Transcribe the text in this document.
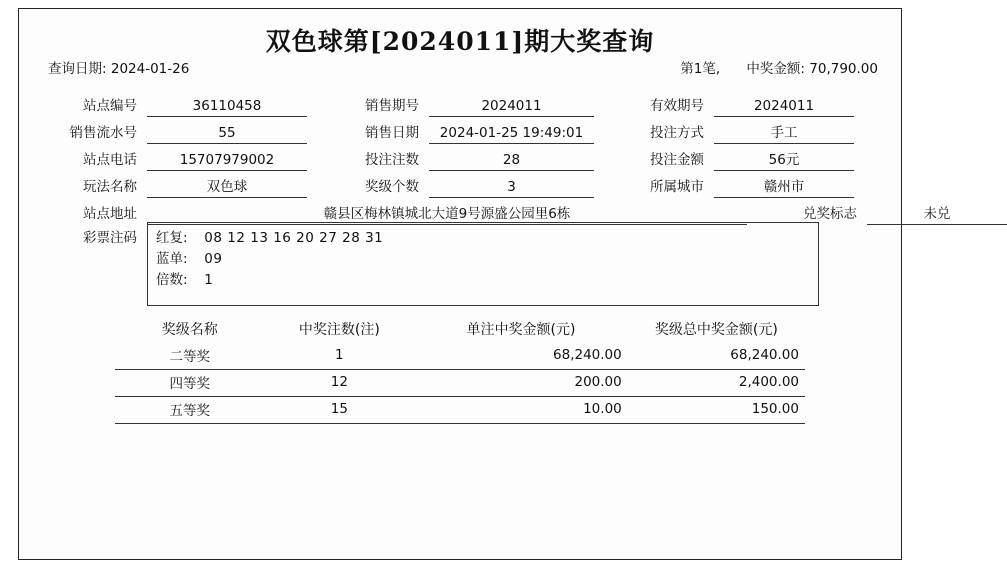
双色球第[2024011]期大奖查询
查询日期: 2024-01-26	第1笔, 中奖金额: 70,790.00
站点编号	36110458	销售期号	2024011	有效期号	2024011
销售流水号	55	销售日期	2024-01-25 19:49:01	投注方式	手工
站点电话	15707979002	投注注数	28	投注金额	56元
玩法名称	双色球	奖级个数	3	所属城市	赣州市
站点地址	赣县区梅林镇城北大道9号源盛公园里6栋	兑奖标志	未兑
彩票注码 红复: 08 12 13 16 20 27 28 31
蓝单: 09
倍数: 1
奖级名称	中奖注数(注)	单注中奖金额(元)	奖级总中奖金额(元)
二等奖	1	68,240.00	68,240.00
四等奖	12	200.00	2,400.00
五等奖	15	10.00	150.00
